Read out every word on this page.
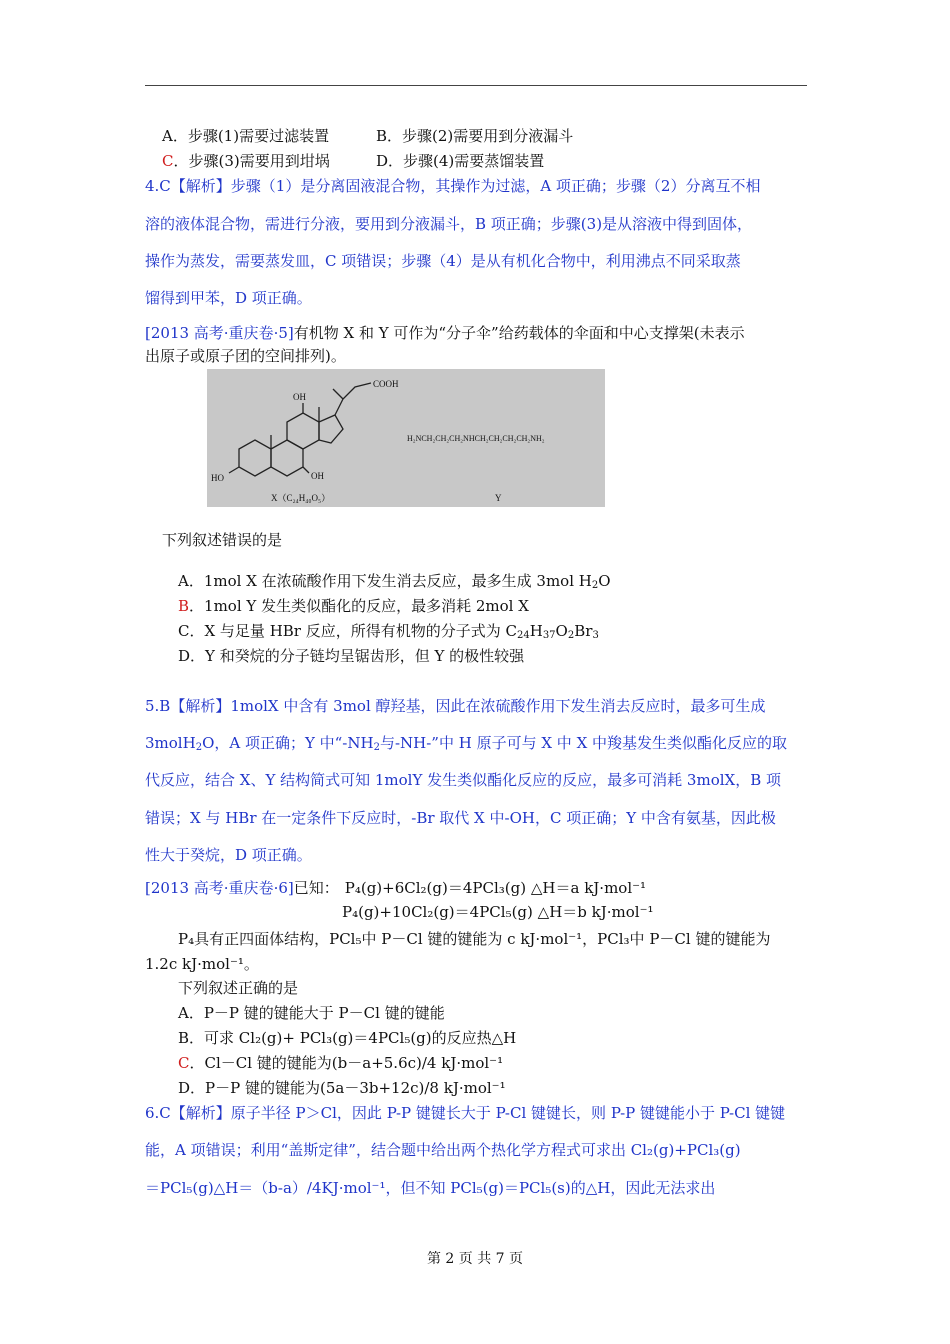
A．步骤(1)需要过滤装置	B．步骤(2)需要用到分液漏斗
C．步骤(3)需要用到坩埚	D．步骤(4)需要蒸馏装置
4.C【解析】步骤（1）是分离固液混合物，其操作为过滤，A 项正确；步骤（2）分离互不相
溶的液体混合物，需进行分液，要用到分液漏斗，B 项正确；步骤(3)是从溶液中得到固体，
操作为蒸发，需要蒸发皿，C 项错误；步骤（4）是从有机化合物中，利用沸点不同采取蒸
馏得到甲苯，D 项正确。
[2013 高考·重庆卷·5]有机物 X 和 Y 可作为“分子伞”给药载体的伞面和中心支撑架(未表示
出原子或原子团的空间排列)。
COOH
OH
OH
HO
X（C₂₄H₄₀O₅）
H₂NCH₂CH₂CH₂NHCH₂CH₂CH₂CH₂NH₂
Y
下列叙述错误的是
A．1mol X 在浓硫酸作用下发生消去反应，最多生成 3mol $H_2O$
B．1mol Y 发生类似酯化的反应，最多消耗 2mol X
C．X 与足量 HBr 反应，所得有机物的分子式为 $C_{24}H_{37}O_2Br_3$
D．Y 和癸烷的分子链均呈锯齿形，但 Y 的极性较强
5.B【解析】1molX 中含有 3mol 醇羟基，因此在浓硫酸作用下发生消去反应时，最多可生成
3molH$_2$O，A 项正确；Y 中“$-NH_2$与-NH-”中 H 原子可与 X 中 X 中羧基发生类似酯化反应的取
代反应，结合 X、Y 结构简式可知 1molY 发生类似酯化反应的反应，最多可消耗 3molX，B 项
错误；X 与 HBr 在一定条件下反应时，-Br 取代 X 中-OH，C 项正确；Y 中含有氨基，因此极
性大于癸烷，D 项正确。
[2013 高考·重庆卷·6]已知： P₄(g)+6Cl₂(g)＝4PCl₃(g) △H＝a kJ·mol⁻¹
P₄(g)+10Cl₂(g)＝4PCl₅(g) △H＝b kJ·mol⁻¹
P₄具有正四面体结构，PCl₅中 P－Cl 键的键能为 c kJ·mol⁻¹，PCl₃中 P－Cl 键的键能为
1.2c kJ·mol⁻¹。
下列叙述正确的是
A．P－P 键的键能大于 P－Cl 键的键能
B．可求 Cl₂(g)+ PCl₃(g)＝4PCl₅(g)的反应热△H
C．Cl－Cl 键的键能为(b－a+5.6c)/4 kJ·mol⁻¹
D．P－P 键的键能为(5a－3b+12c)/8 kJ·mol⁻¹
6.C【解析】原子半径 P＞Cl，因此 P-P 键键长大于 P-Cl 键键长，则 P-P 键键能小于 P-Cl 键键
能，A 项错误；利用“盖斯定律”，结合题中给出两个热化学方程式可求出 Cl₂(g)+PCl₃(g)
＝PCl₅(g)△H＝（b-a）/4KJ·mol⁻¹，但不知 PCl₅(g)＝PCl₅(s)的△H，因此无法求出
第 2 页 共 7 页
